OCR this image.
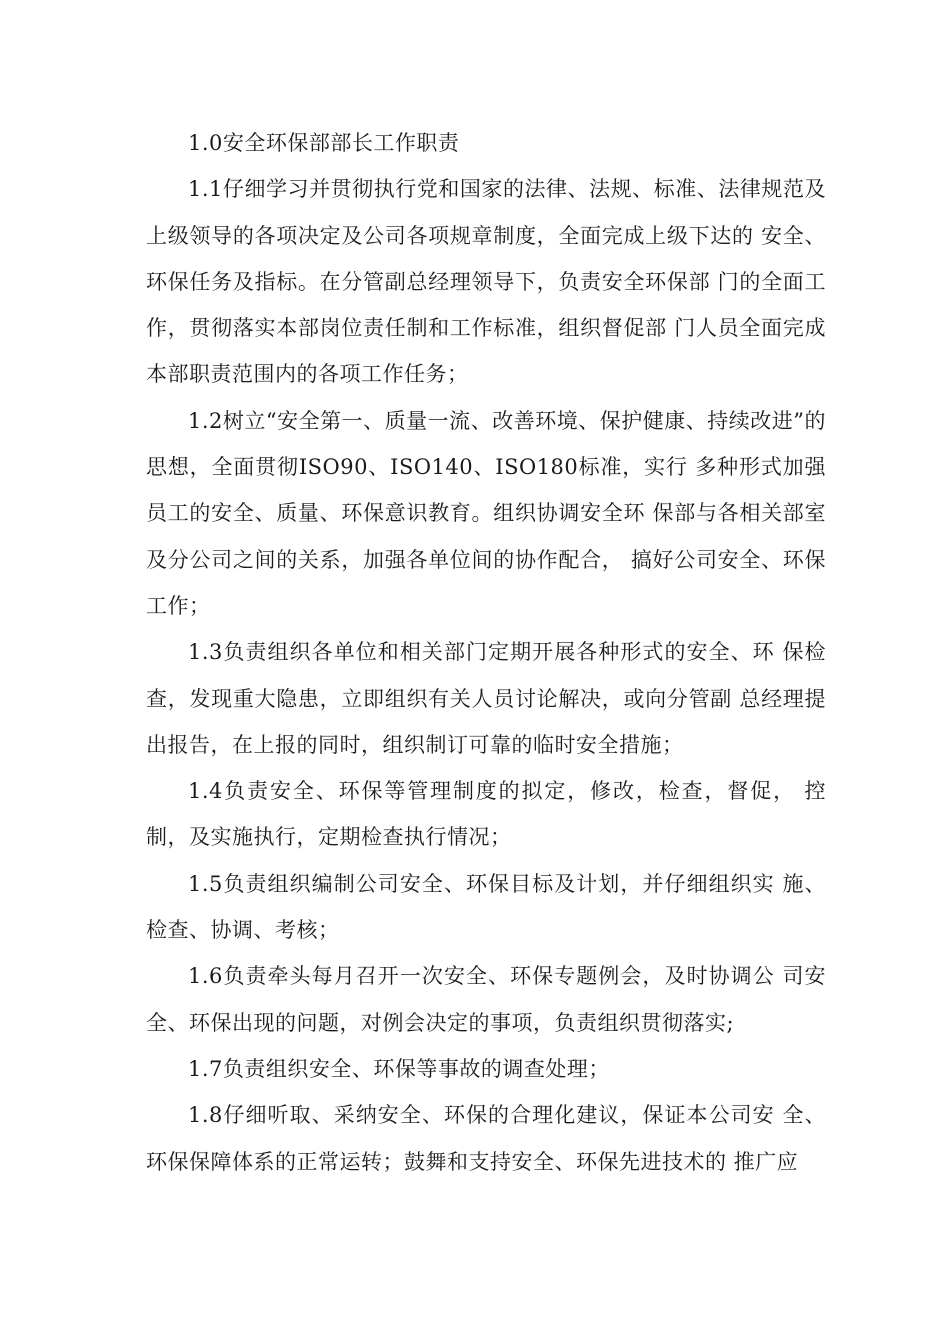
1.0安全环保部部长工作职责

1.1仔细学习并贯彻执行党和国家的法律、法规、标准、法律规范及上级领导的各项决定及公司各项规章制度，全面完成上级下达的 安全、环保任务及指标。在分管副总经理领导下，负责安全环保部 门的全面工作，贯彻落实本部岗位责任制和工作标准，组织督促部 门人员全面完成本部职责范围内的各项工作任务；

1.2树立“安全第一、质量一流、改善环境、保护健康、持续改进”的思想，全面贯彻ISO90、ISO140、ISO180标准，实行 多种形式加强员工的安全、质量、环保意识教育。组织协调安全环 保部与各相关部室及分公司之间的关系，加强各单位间的协作配合， 搞好公司安全、环保工作；

1.3负责组织各单位和相关部门定期开展各种形式的安全、环 保检查，发现重大隐患，立即组织有关人员讨论解决，或向分管副 总经理提出报告，在上报的同时，组织制订可靠的临时安全措施；

1.4负责安全、环保等管理制度的拟定，修改，检查，督促， 控制，及实施执行，定期检查执行情况；

1.5负责组织编制公司安全、环保目标及计划，并仔细组织实 施、检查、协调、考核；

1.6负责牵头每月召开一次安全、环保专题例会，及时协调公 司安全、环保出现的问题，对例会决定的事项，负责组织贯彻落实;

1.7负责组织安全、环保等事故的调查处理；

1.8仔细听取、采纳安全、环保的合理化建议，保证本公司安 全、环保保障体系的正常运转；鼓舞和支持安全、环保先进技术的 推广应
